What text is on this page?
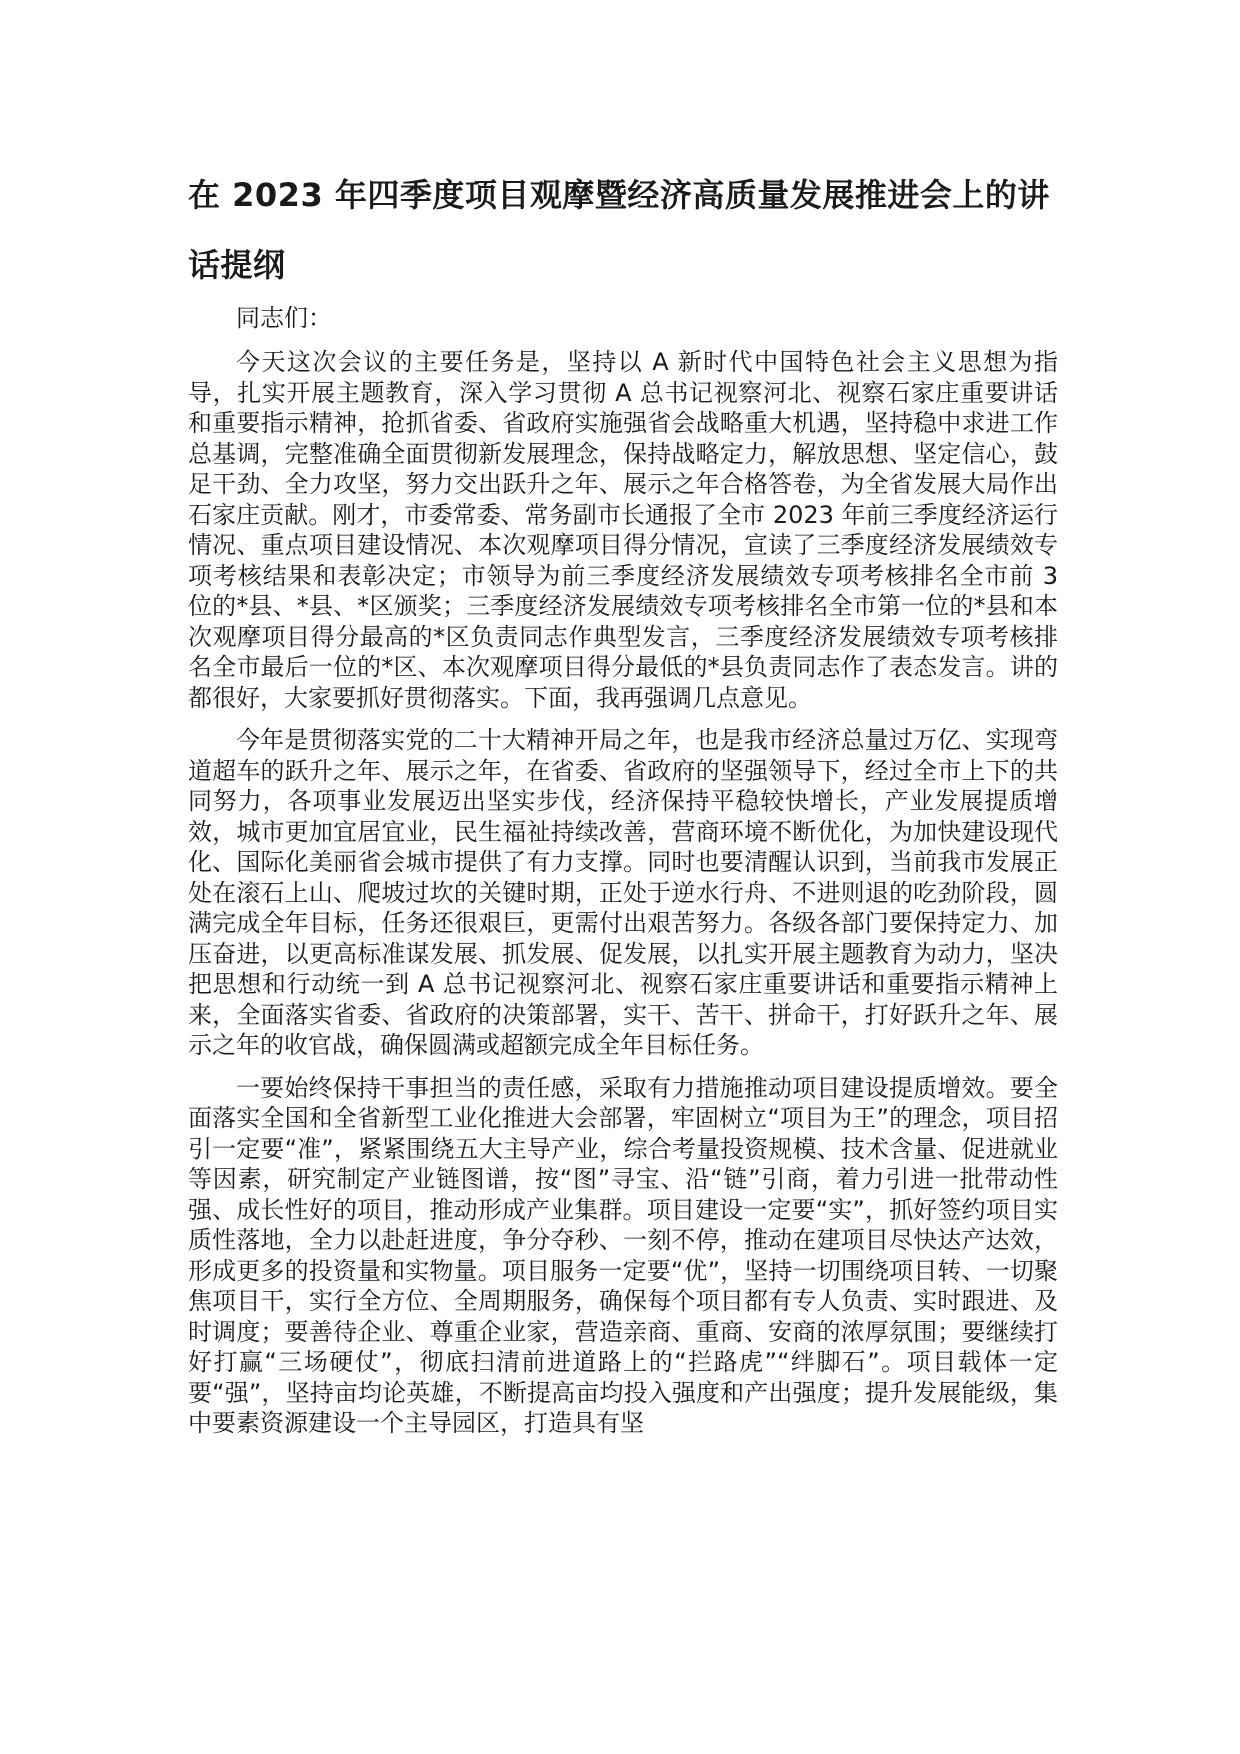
在 2023 年四季度项目观摩暨经济高质量发展推进会上的讲话提纲

同志们：

今天这次会议的主要任务是，坚持以 A 新时代中国特色社会主义思想为指导，扎实开展主题教育，深入学习贯彻 A 总书记视察河北、视察石家庄重要讲话和重要指示精神，抢抓省委、省政府实施强省会战略重大机遇，坚持稳中求进工作总基调，完整准确全面贯彻新发展理念，保持战略定力，解放思想、坚定信心，鼓足干劲、全力攻坚，努力交出跃升之年、展示之年合格答卷，为全省发展大局作出石家庄贡献。刚才，市委常委、常务副市长通报了全市 2023 年前三季度经济运行情况、重点项目建设情况、本次观摩项目得分情况，宣读了三季度经济发展绩效专项考核结果和表彰决定；市领导为前三季度经济发展绩效专项考核排名全市前 3 位的*县、*县、*区颁奖；三季度经济发展绩效专项考核排名全市第一位的*县和本次观摩项目得分最高的*区负责同志作典型发言，三季度经济发展绩效专项考核排名全市最后一位的*区、本次观摩项目得分最低的*县负责同志作了表态发言。讲的都很好，大家要抓好贯彻落实。下面，我再强调几点意见。

今年是贯彻落实党的二十大精神开局之年，也是我市经济总量过万亿、实现弯道超车的跃升之年、展示之年，在省委、省政府的坚强领导下，经过全市上下的共同努力，各项事业发展迈出坚实步伐，经济保持平稳较快增长，产业发展提质增效，城市更加宜居宜业，民生福祉持续改善，营商环境不断优化，为加快建设现代化、国际化美丽省会城市提供了有力支撑。同时也要清醒认识到，当前我市发展正处在滚石上山、爬坡过坎的关键时期，正处于逆水行舟、不进则退的吃劲阶段，圆满完成全年目标，任务还很艰巨，更需付出艰苦努力。各级各部门要保持定力、加压奋进，以更高标准谋发展、抓发展、促发展，以扎实开展主题教育为动力，坚决把思想和行动统一到 A 总书记视察河北、视察石家庄重要讲话和重要指示精神上来，全面落实省委、省政府的决策部署，实干、苦干、拼命干，打好跃升之年、展示之年的收官战，确保圆满或超额完成全年目标任务。

一要始终保持干事担当的责任感，采取有力措施推动项目建设提质增效。要全面落实全国和全省新型工业化推进大会部署，牢固树立“项目为王”的理念，项目招引一定要“准”，紧紧围绕五大主导产业，综合考量投资规模、技术含量、促进就业等因素，研究制定产业链图谱，按“图”寻宝、沿“链”引商，着力引进一批带动性强、成长性好的项目，推动形成产业集群。项目建设一定要“实”，抓好签约项目实质性落地，全力以赴赶进度，争分夺秒、一刻不停，推动在建项目尽快达产达效，形成更多的投资量和实物量。项目服务一定要“优”，坚持一切围绕项目转、一切聚焦项目干，实行全方位、全周期服务，确保每个项目都有专人负责、实时跟进、及时调度；要善待企业、尊重企业家，营造亲商、重商、安商的浓厚氛围；要继续打好打赢“三场硬仗”，彻底扫清前进道路上的“拦路虎”“绊脚石”。项目载体一定要“强”，坚持亩均论英雄，不断提高亩均投入强度和产出强度；提升发展能级，集中要素资源建设一个主导园区，打造具有坚
